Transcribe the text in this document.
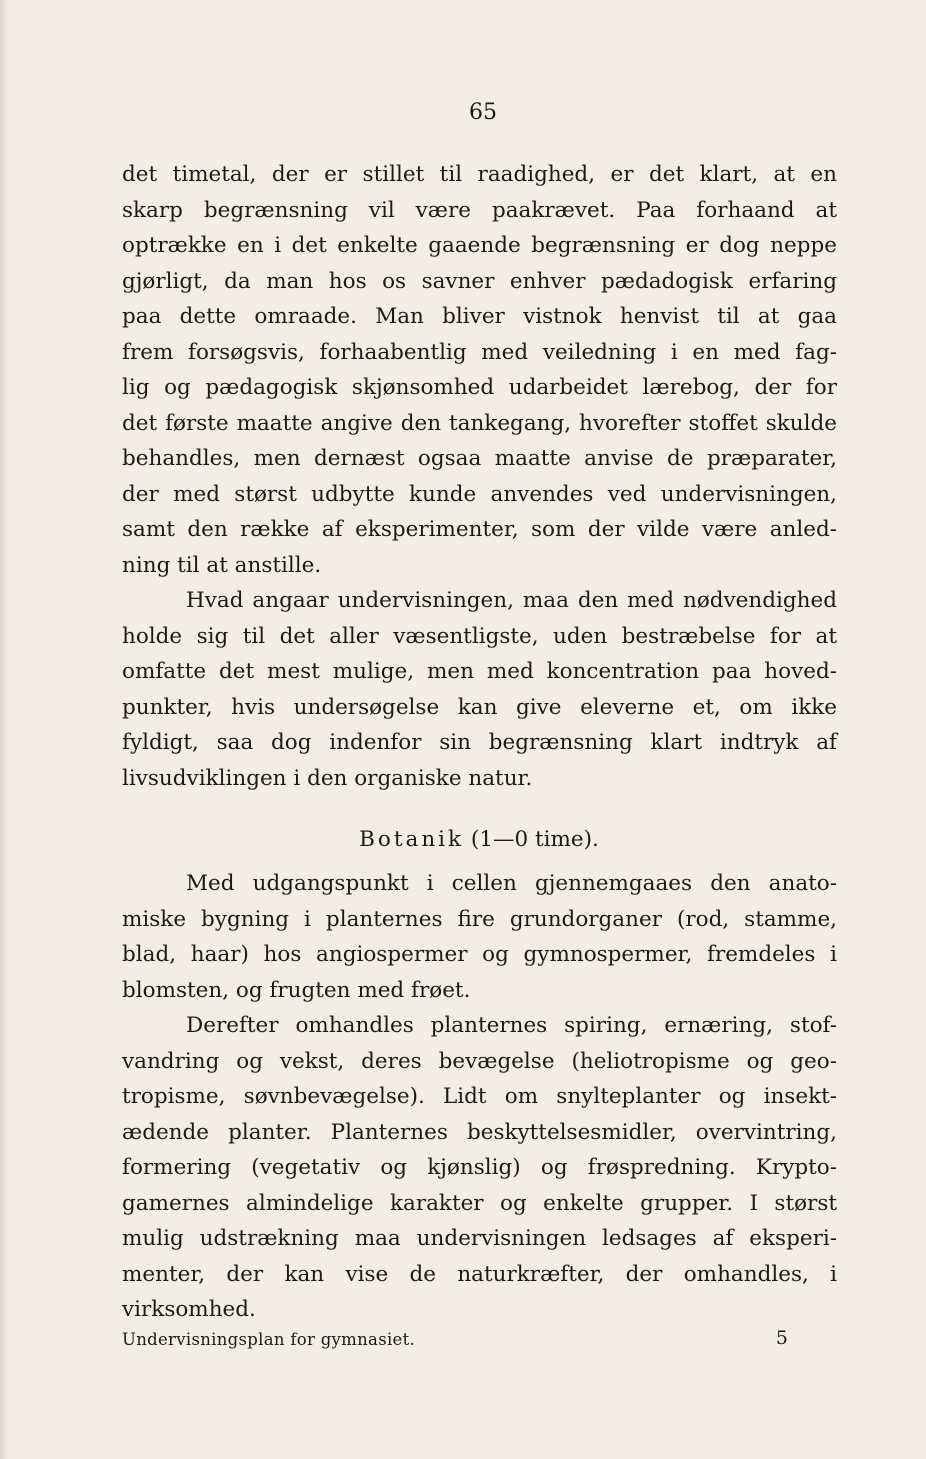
65

det timetal, der er stillet til raadighed, er det klart, at en
skarp begrænsning vil være paakrævet. Paa forhaand at
optrække en i det enkelte gaaende begrænsning er dog neppe
gjørligt, da man hos os savner enhver pædadogisk erfaring
paa dette omraade. Man bliver vistnok henvist til at gaa
frem forsøgsvis, forhaabentlig med veiledning i en med fag-
lig og pædagogisk skjønsomhed udarbeidet lærebog, der for
det første maatte angive den tankegang, hvorefter stoffet skulde
behandles, men dernæst ogsaa maatte anvise de præparater,
der med størst udbytte kunde anvendes ved undervisningen,
samt den række af eksperimenter, som der vilde være anled-
ning til at anstille.

Hvad angaar undervisningen, maa den med nødvendighed
holde sig til det aller væsentligste, uden bestræbelse for at
omfatte det mest mulige, men med koncentration paa hoved-
punkter, hvis undersøgelse kan give eleverne et, om ikke
fyldigt, saa dog indenfor sin begrænsning klart indtryk af
livsudviklingen i den organiske natur.

Botanik (1—0 time).

Med udgangspunkt i cellen gjennemgaaes den anato-
miske bygning i planternes fire grundorganer (rod, stamme,
blad, haar) hos angiospermer og gymnospermer, fremdeles i
blomsten, og frugten med frøet.

Derefter omhandles planternes spiring, ernæring, stof-
vandring og vekst, deres bevægelse (heliotropisme og geo-
tropisme, søvnbevægelse). Lidt om snylteplanter og insekt-
ædende planter. Planternes beskyttelsesmidler, overvintring,
formering (vegetativ og kjønslig) og frøspredning. Krypto-
gamernes almindelige karakter og enkelte grupper. I størst
mulig udstrækning maa undervisningen ledsages af eksperi-
menter, der kan vise de naturkræfter, der omhandles, i
virksomhed.

Undervisningsplan for gymnasiet.	5
